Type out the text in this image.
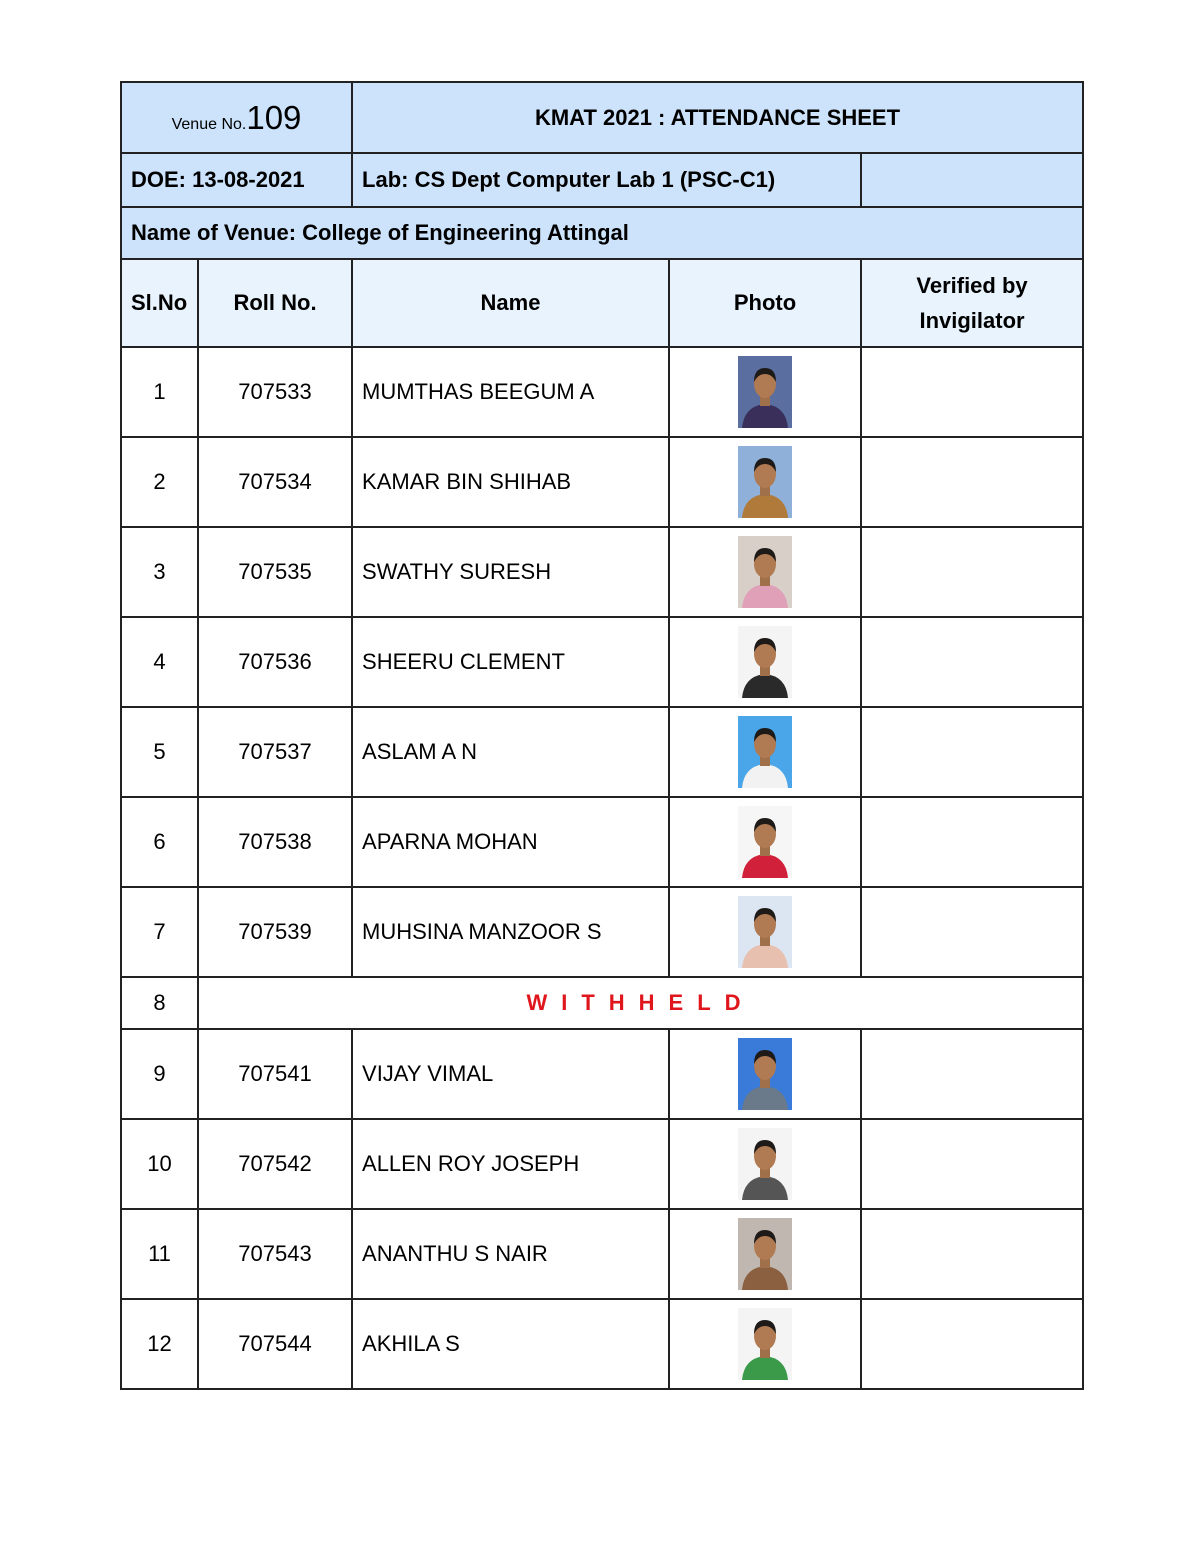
Venue No.109		KMAT 2021 : ATTENDANCE SHEET		
DOE: 13-08-2021		Lab: CS Dept Computer Lab 1 (PSC-C1)		
Name of Venue: College of Engineering Attingal				
Sl.No	Roll No.	Name	Photo	Verified by
Invigilator
1	707533	MUMTHAS BEEGUM A		
2	707534	KAMAR BIN SHIHAB		
3	707535	SWATHY SURESH		
4	707536	SHEERU CLEMENT		
5	707537	ASLAM A N		
6	707538	APARNA MOHAN		
7	707539	MUHSINA MANZOOR S		
8	WITHHELD			
9	707541	VIJAY VIMAL		
10	707542	ALLEN ROY JOSEPH		
11	707543	ANANTHU S NAIR		
12	707544	AKHILA S		
